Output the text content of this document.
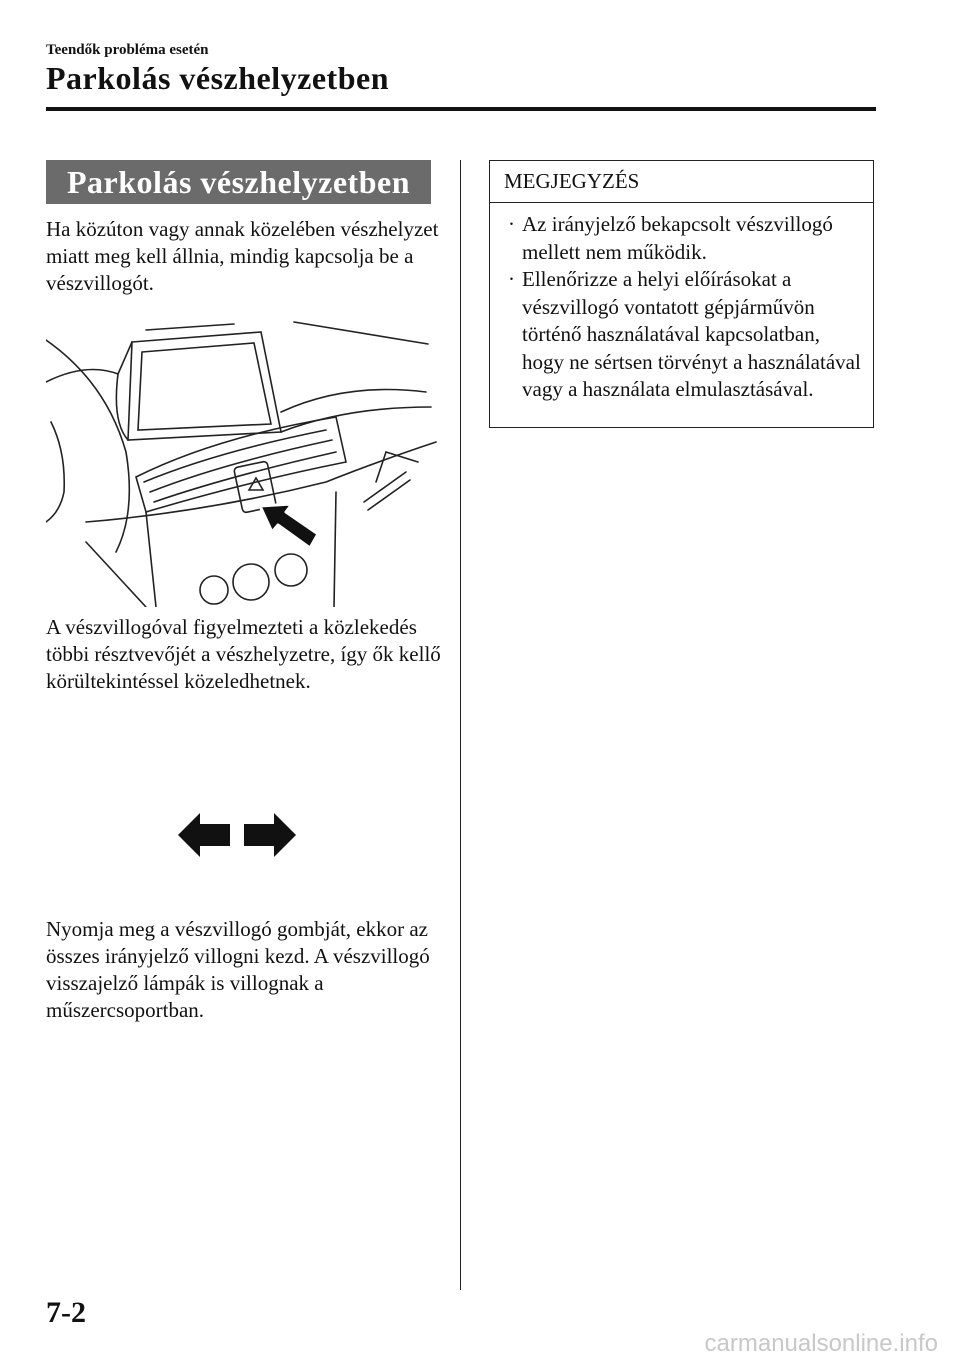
Teendők probléma esetén
Parkolás vészhelyzetben
Parkolás vészhelyzetben

Ha közúton vagy annak közelében vészhelyzet miatt meg kell állnia, mindig kapcsolja be a vészvillogót.

A vészvillogóval figyelmezteti a közlekedés többi résztvevőjét a vészhelyzetre, így ők kellő körültekintéssel közeledhetnek.

Nyomja meg a vészvillogó gombját, ekkor az összes irányjelző villogni kezd. A vészvillogó visszajelző lámpák is villognak a műszercsoportban.

MEGJEGYZÉS
· Az irányjelző bekapcsolt vészvillogó mellett nem működik.
· Ellenőrizze a helyi előírásokat a vészvillogó vontatott gépjárművön történő használatával kapcsolatban, hogy ne sértsen törvényt a használatával vagy a használata elmulasztásával.
7-2
carmanualsonline.info
